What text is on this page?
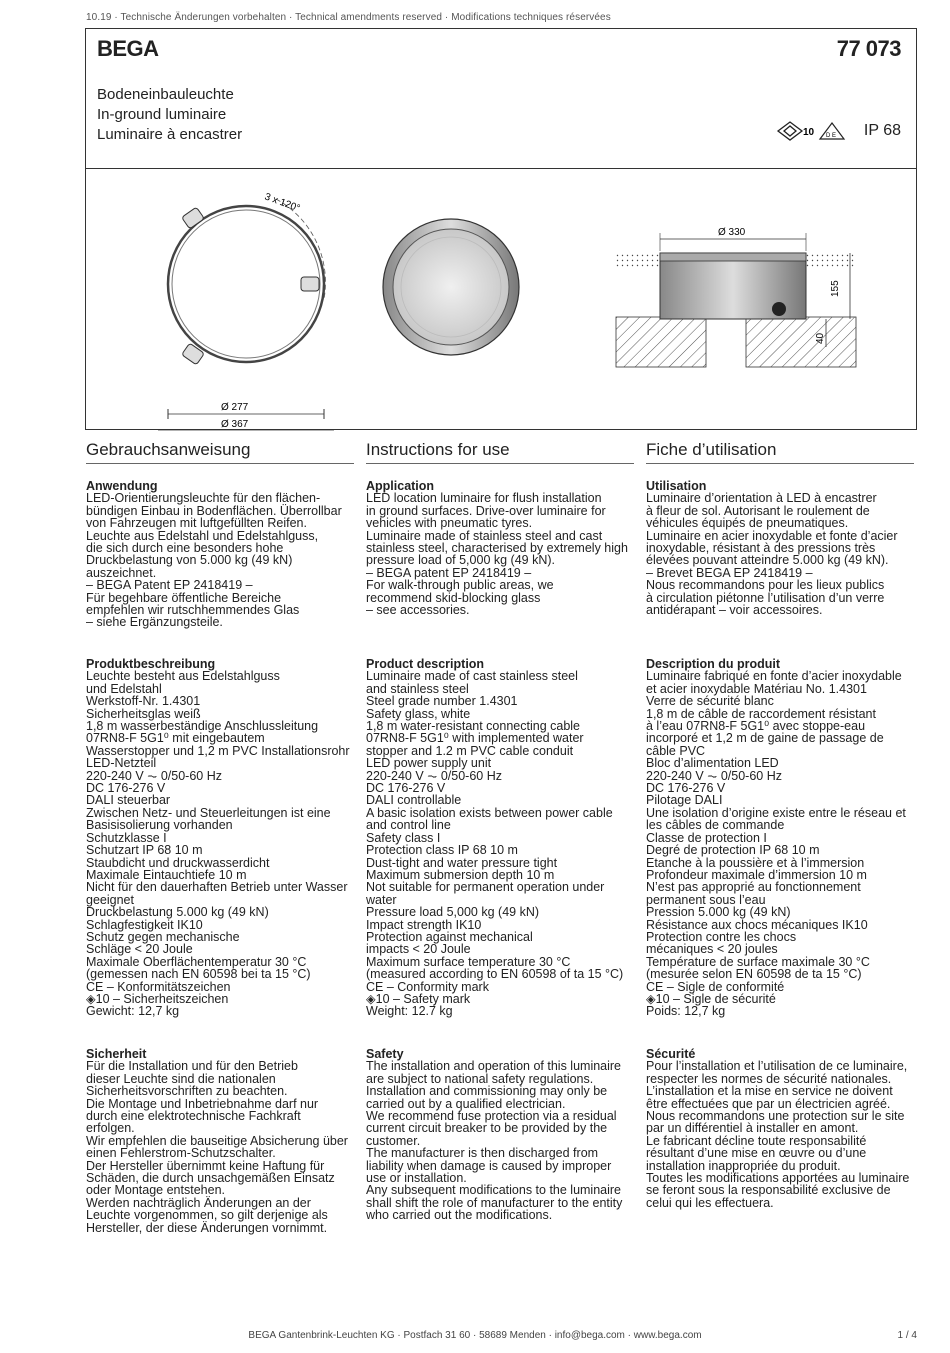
10.19 · Technische Änderungen vorbehalten · Technical amendments reserved · Modifications techniques réservées
BEGA	77 073
Bodeneinbauleuchte
In-ground luminaire
Luminaire à encastrer	10 D E IP 68
3 x 120°
Ø 277
Ø 367
Ø 330
155
40
Gebrauchsanweisung
Anwendung
LED-Orientierungsleuchte für den flächen-
bündigen Einbau in Bodenflächen. Überrollbar
von Fahrzeugen mit luftgefüllten Reifen.
Leuchte aus Edelstahl und Edelstahlguss,
die sich durch eine besonders hohe
Druckbelastung von 5.000 kg (49 kN)
auszeichnet.
– BEGA Patent EP 2418419 –
Für begehbare öffentliche Bereiche
empfehlen wir rutschhemmendes Glas
– siehe Ergänzungsteile.
Produktbeschreibung
Leuchte besteht aus Edelstahlguss
und Edelstahl
Werkstoff-Nr. 1.4301
Sicherheitsglas weiß
1,8 m wasserbeständige Anschlussleitung
07RN8-F 5G1⁰ mit eingebautem
Wasserstopper und 1,2 m PVC Installationsrohr
LED-Netzteil
220-240 V ⏦ 0/50-60 Hz
DC 176-276 V
DALI steuerbar
Zwischen Netz- und Steuerleitungen ist eine
Basisisolierung vorhanden
Schutzklasse I
Schutzart IP 68 10 m
Staubdicht und druckwasserdicht
Maximale Eintauchtiefe 10 m
Nicht für den dauerhaften Betrieb unter Wasser
geeignet
Druckbelastung 5.000 kg (49 kN)
Schlagfestigkeit IK10
Schutz gegen mechanische
Schläge < 20 Joule
Maximale Oberflächentemperatur 30 °C
(gemessen nach EN 60598 bei ta 15 °C)
CE – Konformitätszeichen
◈10 – Sicherheitszeichen
Gewicht: 12,7 kg
Sicherheit
Für die Installation und für den Betrieb
dieser Leuchte sind die nationalen
Sicherheitsvorschriften zu beachten.
Die Montage und Inbetriebnahme darf nur
durch eine elektrotechnische Fachkraft
erfolgen.
Wir empfehlen die bauseitige Absicherung über
einen Fehlerstrom-Schutzschalter.
Der Hersteller übernimmt keine Haftung für
Schäden, die durch unsachgemäßen Einsatz
oder Montage entstehen.
Werden nachträglich Änderungen an der
Leuchte vorgenommen, so gilt derjenige als
Hersteller, der diese Änderungen vornimmt.
Instructions for use
Application
LED location luminaire for flush installation
in ground surfaces. Drive-over luminaire for
vehicles with pneumatic tyres.
Luminaire made of stainless steel and cast
stainless steel, characterised by extremely high
pressure load of 5,000 kg (49 kN).
– BEGA patent EP 2418419 –
For walk-through public areas, we
recommend skid-blocking glass
– see accessories.
Product description
Luminaire made of cast stainless steel
and stainless steel
Steel grade number 1.4301
Safety glass, white
1,8 m water-resistant connecting cable
07RN8-F 5G1⁰ with implemented water
stopper and 1.2 m PVC cable conduit
LED power supply unit
220-240 V ⏦ 0/50-60 Hz
DC 176-276 V
DALI controllable
A basic isolation exists between power cable
and control line
Safety class I
Protection class IP 68 10 m
Dust-tight and water pressure tight
Maximum submersion depth 10 m
Not suitable for permanent operation under
water
Pressure load 5,000 kg (49 kN)
Impact strength IK10
Protection against mechanical
impacts < 20 Joule
Maximum surface temperature 30 °C
(measured according to EN 60598 of ta 15 °C)
CE – Conformity mark
◈10 – Safety mark
Weight: 12.7 kg
Safety
The installation and operation of this luminaire
are subject to national safety regulations.
Installation and commissioning may only be
carried out by a qualified electrician.
We recommend fuse protection via a residual
current circuit breaker to be provided by the
customer.
The manufacturer is then discharged from
liability when damage is caused by improper
use or installation.
Any subsequent modifications to the luminaire
shall shift the role of manufacturer to the entity
who carried out the modifications.
Fiche d’utilisation
Utilisation
Luminaire d’orientation à LED à encastrer
à fleur de sol. Autorisant le roulement de
véhicules équipés de pneumatiques.
Luminaire en acier inoxydable et fonte d’acier
inoxydable, résistant à des pressions très
élevées pouvant atteindre 5.000 kg (49 kN).
– Brevet BEGA EP 2418419 –
Nous recommandons pour les lieux publics
à circulation piétonne l’utilisation d’un verre
antidérapant – voir accessoires.
Description du produit
Luminaire fabriqué en fonte d’acier inoxydable
et acier inoxydable Matériau No. 1.4301
Verre de sécurité blanc
1,8 m de câble de raccordement résistant
à l’eau 07RN8-F 5G1⁰ avec stoppe-eau
incorporé et 1,2 m de gaine de passage de
câble PVC
Bloc d’alimentation LED
220-240 V ⏦ 0/50-60 Hz
DC 176-276 V
Pilotage DALI
Une isolation d’origine existe entre le réseau et
les câbles de commande
Classe de protection I
Degré de protection IP 68 10 m
Etanche à la poussière et à l’immersion
Profondeur maximale d’immersion 10 m
N’est pas approprié au fonctionnement
permanent sous l’eau
Pression 5.000 kg (49 kN)
Résistance aux chocs mécaniques IK10
Protection contre les chocs
mécaniques < 20 joules
Température de surface maximale 30 °C
(mesurée selon EN 60598 de ta 15 °C)
CE – Sigle de conformité
◈10 – Sigle de sécurité
Poids: 12,7 kg
Sécurité
Pour l’installation et l’utilisation de ce luminaire,
respecter les normes de sécurité nationales.
L’installation et la mise en service ne doivent
être effectuées que par un électricien agréé.
Nous recommandons une protection sur le site
par un différentiel à installer en amont.
Le fabricant décline toute responsabilité
résultant d’une mise en œuvre ou d’une
installation inappropriée du produit.
Toutes les modifications apportées au luminaire
se feront sous la responsabilité exclusive de
celui qui les effectuera.
BEGA Gantenbrink-Leuchten KG · Postfach 31 60 · 58689 Menden · info@bega.com · www.bega.com	1 / 4
